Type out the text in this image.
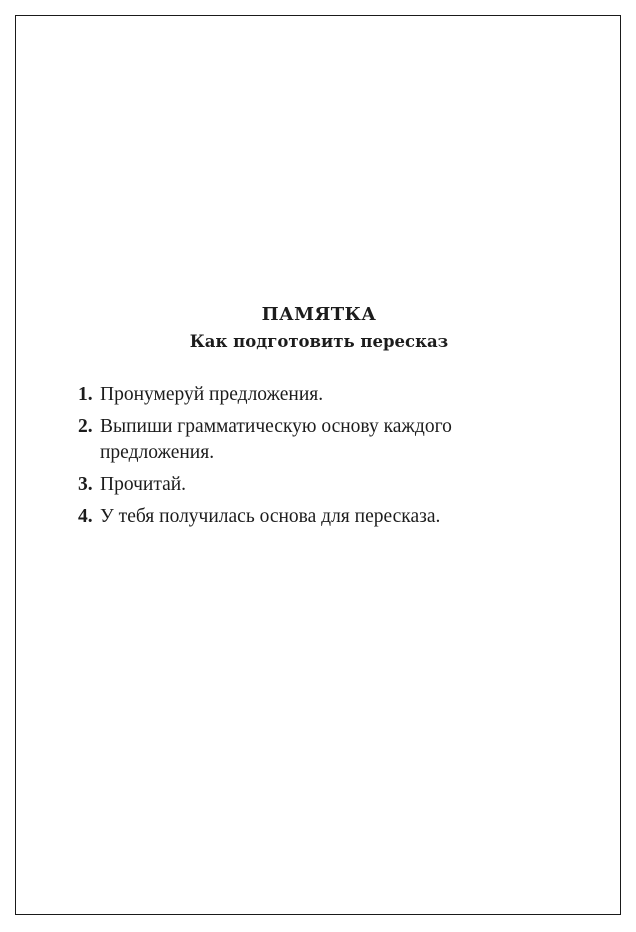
ПАМЯТКА
Как подготовить пересказ
1. Пронумеруй предложения.
2. Выпиши грамматическую основу каждого предложения.
3. Прочитай.
4. У тебя получилась основа для пересказа.
